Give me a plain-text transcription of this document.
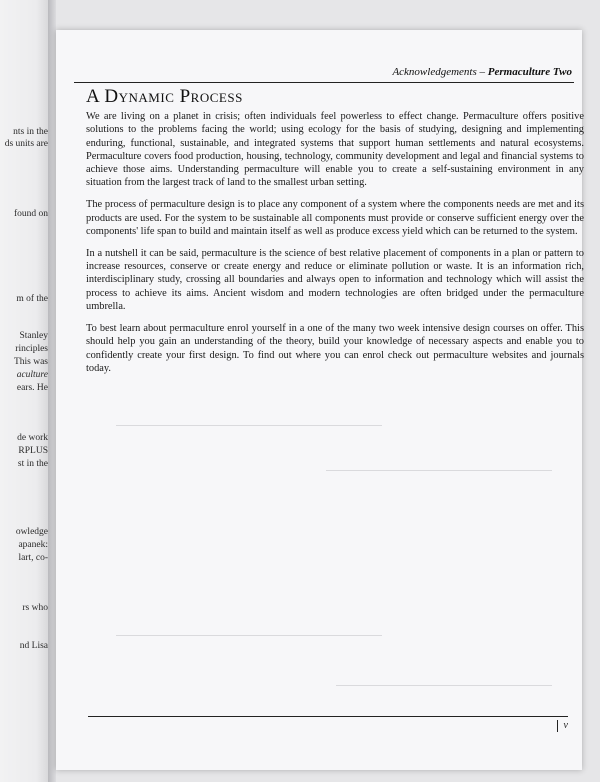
nts in the
ds units are
found on
m of the
Stanley
rinciples
This was
aculture
ears. He
de work
RPLUS
st in the
owledge
apanek:
lart, co-
rs who
nd Lisa
Acknowledgements – Permaculture Two
A Dynamic Process

We are living on a planet in crisis; often individuals feel powerless to effect change. Permaculture offers positive solutions to the problems facing the world; using ecology for the basis of studying, designing and implementing enduring, functional, sustainable, and integrated systems that support human settlements and natural ecosystems. Permaculture covers food production, housing, technology, community development and legal and financial systems to achieve those aims. Understanding permaculture will enable you to create a self-sustaining environment in any situation from the largest track of land to the smallest urban setting.

The process of permaculture design is to place any component of a system where the components needs are met and its products are used. For the system to be sustainable all components must provide or conserve sufficient energy over the components' life span to build and maintain itself as well as produce excess yield which can be returned to the system.

In a nutshell it can be said, permaculture is the science of best relative placement of components in a plan or pattern to increase resources, conserve or create energy and reduce or eliminate pollution or waste. It is an information rich, interdisciplinary study, crossing all boundaries and always open to information and technology which will assist the process to achieve its aims. Ancient wisdom and modern technologies are often bridged under the permaculture umbrella.

To best learn about permaculture enrol yourself in a one of the many two week intensive design courses on offer. This should help you gain an understanding of the theory, build your knowledge of necessary aspects and enable you to confidently create your first design. To find out where you can enrol check out permaculture websites and journals today.

v
